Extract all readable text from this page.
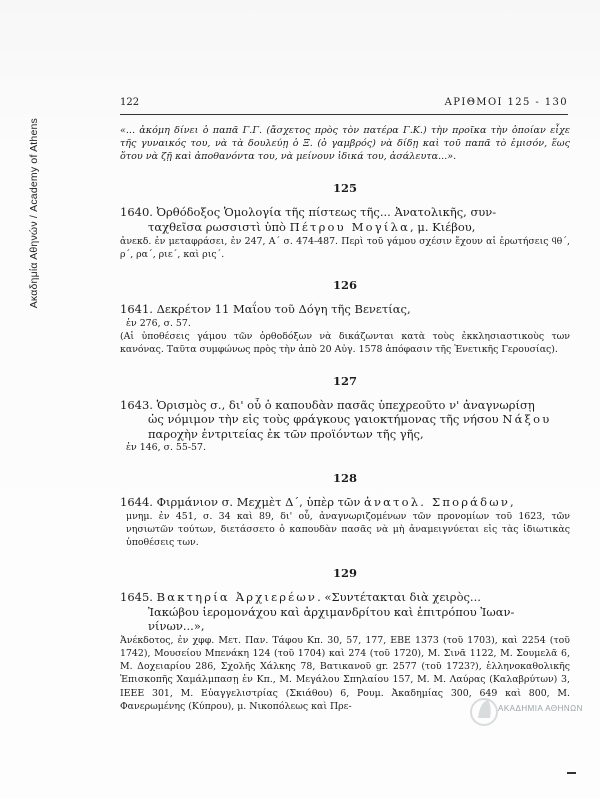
Ακαδημία Αθηνών / Academy of Athens
122	ΑΡΙΘΜΟΙ 125 - 130

«... ἀκόμη δίνει ὁ παπᾶ Γ.Γ. (ἄσχετος πρὸς τὸν πατέρα Γ.Κ.) τὴν προῖκα τὴν ὁποίαν εἶχε τῆς γυναικός του, νὰ τὰ δουλεύῃ ὁ Ξ. (ὁ γαμβρός) νὰ δίδῃ καὶ τοῦ παπᾶ τὸ ἐμισόν, ἕως ὅτου νὰ ζῇ καὶ ἀποθανόντα του, νὰ μείνουν ἰδικά του, ἀσάλευτα...».

125

1640. Ὀρθόδοξος Ὁμολογία τῆς πίστεως τῆς... Ἀνατολικῆς, συν-
ταχθεῖσα ρωσσιστὶ ὑπὸ Πέτρου Μογίλα, μ. Κιέβου,

ἀνεκδ. ἐν μεταφράσει, ἐν 247, Α΄ σ. 474-487. Περὶ τοῦ γάμου σχέσιν ἔχουν αἱ ἐρωτήσεις ϥθ΄, ρ΄, ρα΄, ριε΄, καὶ ρις΄.

126

1641. Δεκρέτον 11 Μαΐου τοῦ Δόγη τῆς Βενετίας,

ἐν 276, σ. 57.

(Αἱ ὑποθέσεις γάμου τῶν ὀρθοδόξων νὰ δικάζωνται κατὰ τοὺς ἐκκλησιαστικοὺς των κανόνας. Ταῦτα συμφώνως πρὸς τὴν ἀπὸ 20 Αὐγ. 1578 ἀπόφασιν τῆς Ἐνετικῆς Γερουσίας).

127

1643. Ὁρισμὸς σ., δι' οὗ ὁ καπουδὰν πασᾶς ὑπεχρεοῦτο ν' ἀναγνωρίσῃ
ὡς νόμιμον τὴν εἰς τοὺς φράγκους γαιοκτήμονας τῆς νήσου Νάξου
παροχὴν ἐντριτείας ἐκ τῶν προϊόντων τῆς γῆς,

ἐν 146, σ. 55-57.

128

1644. Φιρμάνιον σ. Μεχμὲτ Δ΄, ὑπὲρ τῶν ἀνατολ. Σποράδων,

μνημ. ἐν 451, σ. 34 καὶ 89, δι' οὗ, ἀναγνωριζομένων τῶν προνομίων τοῦ 1623, τῶν νησιωτῶν τούτων, διετάσσετο ὁ καπουδὰν πασᾶς νὰ μὴ ἀναμειγνύεται εἰς τὰς ἰδιωτικὰς ὑποθέσεις των.

129

1645. Βακτηρία Ἀρχιερέων. «Συντέτακται διὰ χειρὸς...
Ἰακώβου ἱερομονάχου καὶ ἀρχιμανδρίτου καὶ ἐπιτρόπου Ἰωαν-
νίνων...»,

Ἀνέκδοτος, ἐν χφφ. Μετ. Παν. Τάφου Κπ. 30, 57, 177, ΕΒΕ 1373 (τοῦ 1703), καὶ 2254 (τοῦ 1742), Μουσείου Μπενάκη 124 (τοῦ 1704) καὶ 274 (τοῦ 1720), Μ. Σινᾶ 1122, Μ. Σουμελᾶ 6, Μ. Δοχειαρίου 286, Σχολῆς Χάλκης 78, Βατικανοῦ gr. 2577 (τοῦ 1723?), ἑλληνοκαθολικῆς Ἐπισκοπῆς Χαμάλμπασῃ ἐν Κπ., Μ. Μεγάλου Σπηλαίου 157, Μ. Μ. Λαύρας (Καλαβρύτων) 3, ΙΕΕΕ 301, Μ. Εὐαγγελιστρίας (Σκιάθου) 6, Ρουμ. Ἀκαδημίας 300, 649 καὶ 800, Μ. Φανερωμένης (Κύπρου), μ. Νικοπόλεως καὶ Πρε-	ΑΚΑΔΗΜΙΑ ΑΘΗΝΩΝ
